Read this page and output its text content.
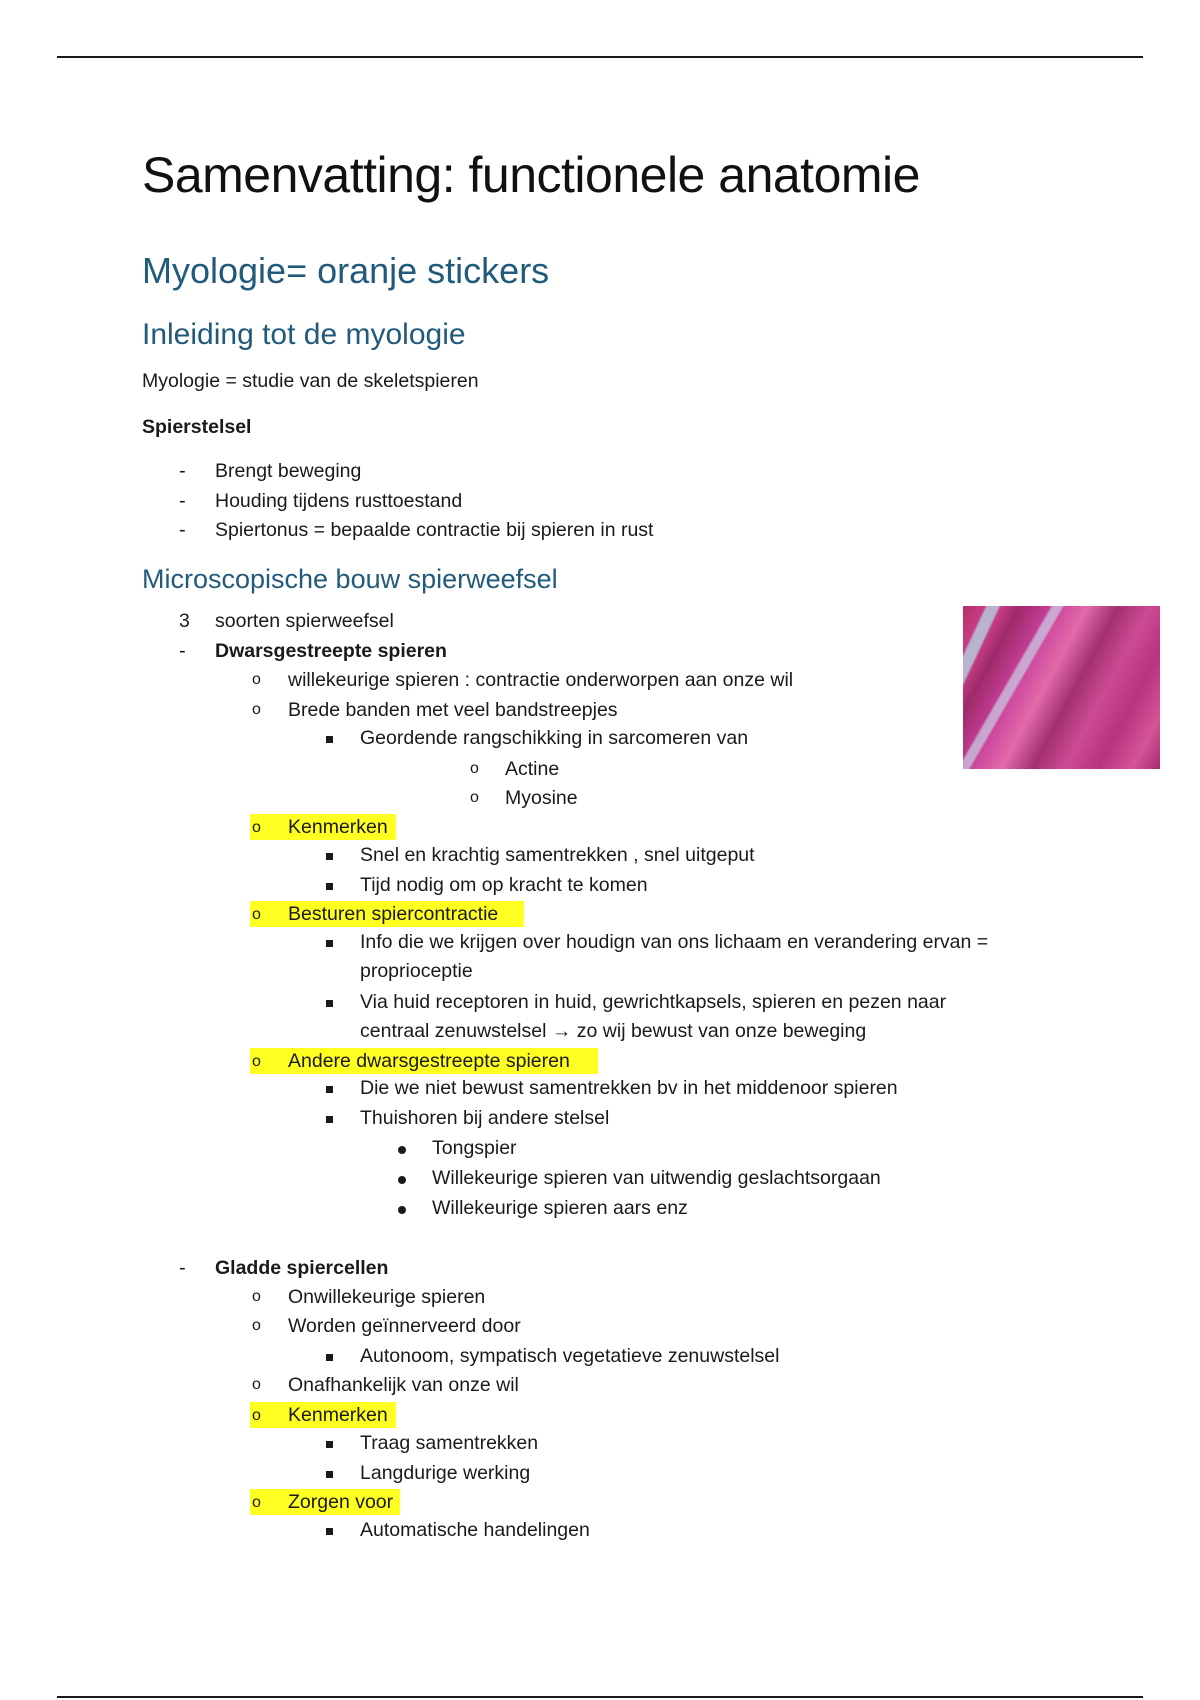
Samenvatting: functionele anatomie
Myologie= oranje stickers
Inleiding tot de myologie
Myologie = studie van de skeletspieren
Spierstelsel
- Brengt beweging
- Houding tijdens rusttoestand
- Spiertonus = bepaalde contractie bij spieren in rust
Microscopische bouw spierweefsel
3 soorten spierweefsel
- Dwarsgestreepte spieren
o willekeurige spieren : contractie onderworpen aan onze wil
o Brede banden met veel bandstreepjes
Geordende rangschikking in sarcomeren van
o Actine
o Myosine
o Kenmerken
Snel en krachtig samentrekken , snel uitgeput
Tijd nodig om op kracht te komen
o Besturen spiercontractie
Info die we krijgen over houdign van ons lichaam en verandering ervan =
proprioceptie
Via huid receptoren in huid, gewrichtkapsels, spieren en pezen naar
centraal zenuwstelsel → zo wij bewust van onze beweging
o Andere dwarsgestreepte spieren
Die we niet bewust samentrekken bv in het middenoor spieren
Thuishoren bij andere stelsel
Tongspier
Willekeurige spieren van uitwendig geslachtsorgaan
Willekeurige spieren aars enz
- Gladde spiercellen
o Onwillekeurige spieren
o Worden geïnnerveerd door
Autonoom, sympatisch vegetatieve zenuwstelsel
o Onafhankelijk van onze wil
o Kenmerken
Traag samentrekken
Langdurige werking
o Zorgen voor
Automatische handelingen
